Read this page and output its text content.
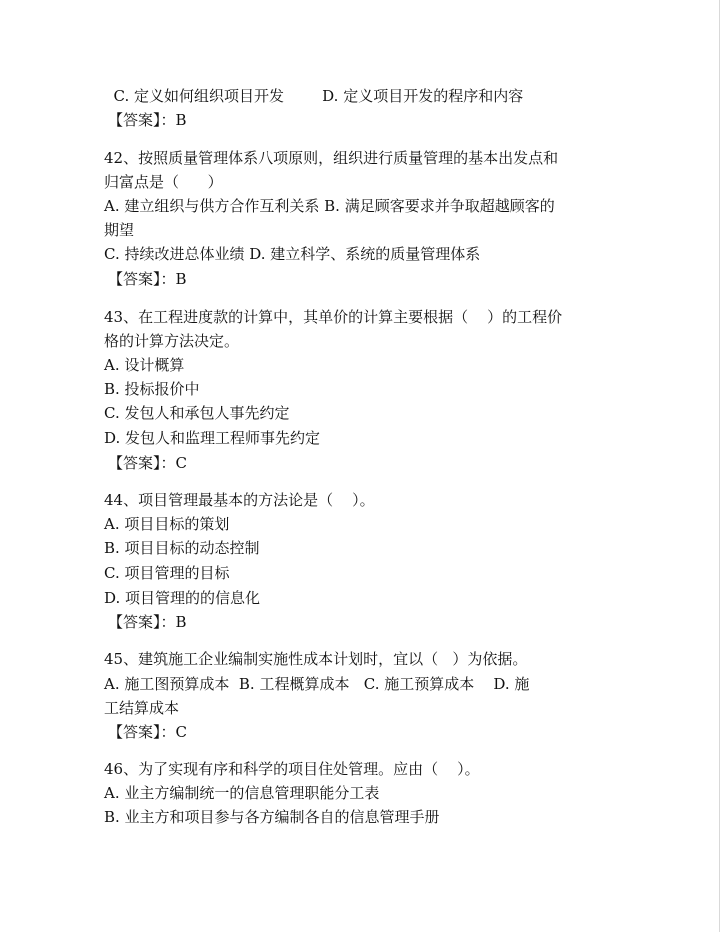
C. 定义如何组织项目开发        D. 定义项目开发的程序和内容
【答案】：B
42、按照质量管理体系八项原则，组织进行质量管理的基本出发点和
归富点是（      ）
A. 建立组织与供方合作互利关系 B. 满足顾客要求并争取超越顾客的
期望
C. 持续改进总体业绩 D. 建立科学、系统的质量管理体系
【答案】：B
43、在工程进度款的计算中，其单价的计算主要根据（    ）的工程价
格的计算方法决定。
A. 设计概算
B. 投标报价中
C. 发包人和承包人事先约定
D. 发包人和监理工程师事先约定
【答案】：C
44、项目管理最基本的方法论是（    ）。
A. 项目目标的策划
B. 项目目标的动态控制
C. 项目管理的目标
D. 项目管理的的信息化
【答案】：B
45、建筑施工企业编制实施性成本计划时，宜以（   ）为依据。
A. 施工图预算成本  B. 工程概算成本   C. 施工预算成本    D. 施
工结算成本
【答案】：C
46、为了实现有序和科学的项目住处管理。应由（    ）。
A. 业主方编制统一的信息管理职能分工表
B. 业主方和项目参与各方编制各自的信息管理手册
